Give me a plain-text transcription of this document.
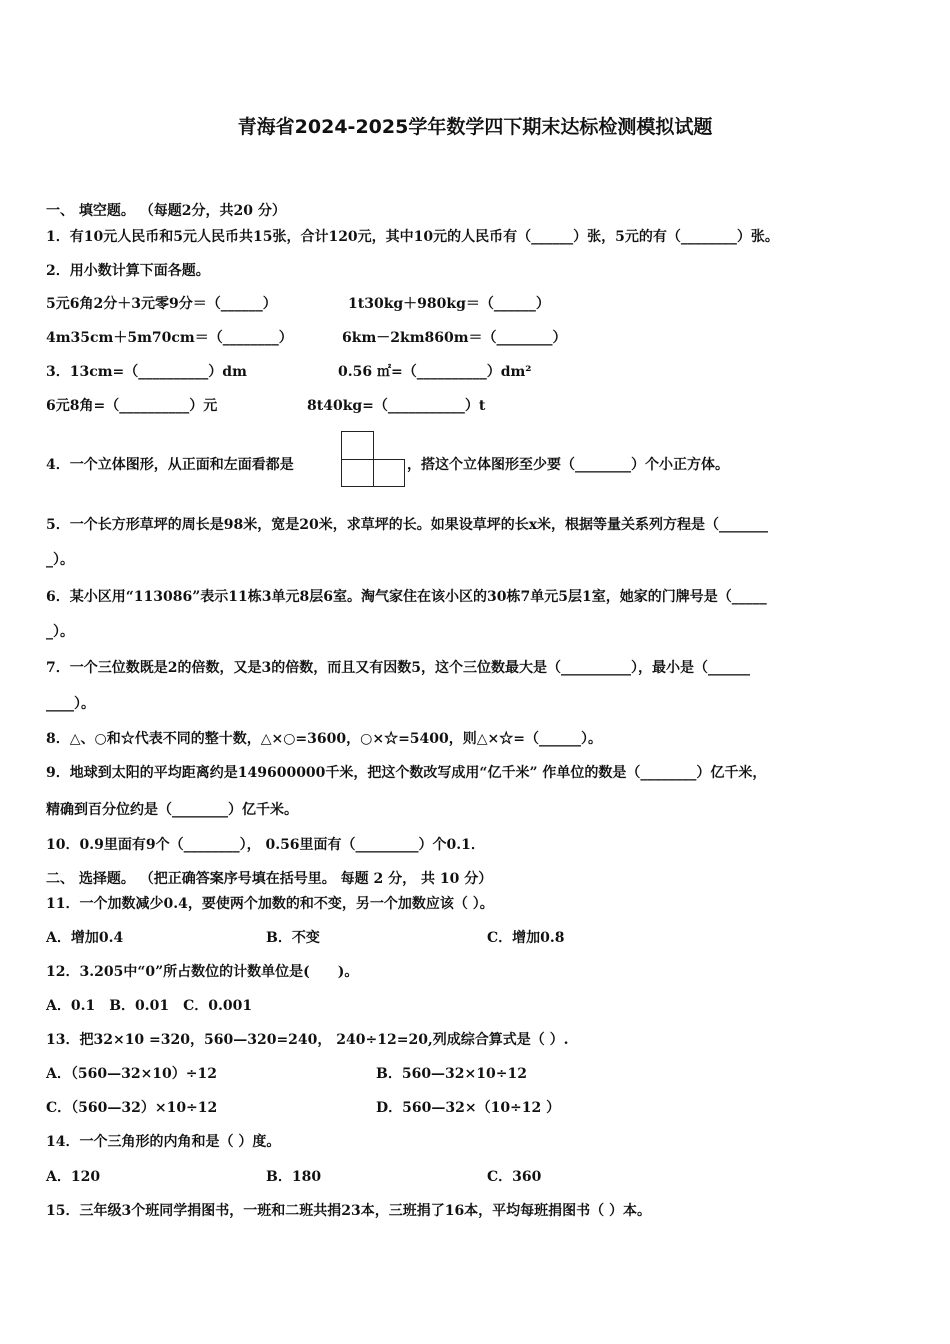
青海省2024-2025学年数学四下期末达标检测模拟试题
一、 填空题。 （每题2分，共20 分）
1．有10元人民币和5元人民币共15张，合计120元，其中10元的人民币有（______）张，5元的有（________）张。
2．用小数计算下面各题。
5元6角2分＋3元零9分＝（______）	1t30kg＋980kg＝（______）
4m35cm＋5m70cm＝（________）	6km－2km860m＝（________）
3．13cm=（__________）dm	0.56 ㎡=（__________）dm²
6元8角=（__________）元	8t40kg=（___________）t
4．一个立体图形，从正面和左面看都是	，搭这个立体图形至少要（________）个小正方体。
5．一个长方形草坪的周长是98米，宽是20米，求草坪的长。如果设草坪的长x米，根据等量关系列方程是（_______
_）。
6．某小区用“113086”表示11栋3单元8层6室。淘气家住在该小区的30栋7单元5层1室，她家的门牌号是（_____
_）。
7．一个三位数既是2的倍数，又是3的倍数，而且又有因数5，这个三位数最大是（__________），最小是（______
____）。
8．△、○和☆代表不同的整十数，△×○=3600，○×☆=5400，则△×☆=（______）。
9．地球到太阳的平均距离约是149600000千米，把这个数改写成用“亿千米” 作单位的数是（________）亿千米，
精确到百分位约是（________）亿千米。
10．0.9里面有9个（________）， 0.56里面有（_________）个0.1．
二、 选择题。 （把正确答案序号填在括号里。 每题 2 分， 共 10 分）
11．一个加数减少0.4，要使两个加数的和不变，另一个加数应该（ ）。
A．增加0.4	B．不变	C．增加0.8
12．3.205中“0”所占数位的计数单位是(　　)。
A．0.1　B．0.01　C．0.001
13．把32×10 =320，560—320=240， 240÷12=20,列成综合算式是（ ）.
A．（560—32×10）÷12	B．560—32×10÷12
C．（560—32）×10÷12	D．560—32×（10÷12 ）
14．一个三角形的内角和是（ ）度。
A．120	B．180	C．360
15．三年级3个班同学捐图书，一班和二班共捐23本，三班捐了16本，平均每班捐图书（ ）本。
